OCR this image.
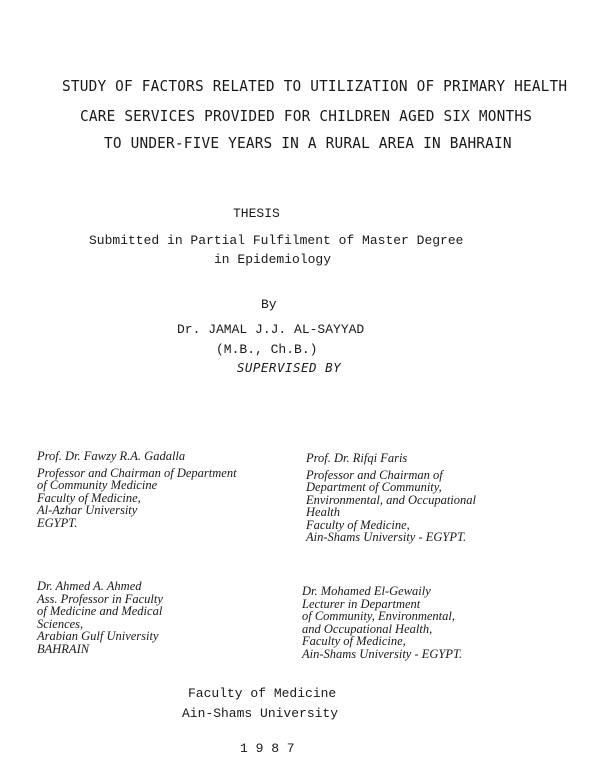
STUDY OF FACTORS RELATED TO UTILIZATION OF PRIMARY HEALTH
CARE SERVICES PROVIDED FOR CHILDREN AGED SIX MONTHS
TO UNDER-FIVE YEARS IN A RURAL AREA IN BAHRAIN
THESIS
Submitted in Partial Fulfilment of Master Degree
in Epidemiology
By
Dr. JAMAL J.J. AL-SAYYAD
(M.B., Ch.B.)
SUPERVISED BY
Prof. Dr. Fawzy R.A. Gadalla
Professor and Chairman of Department
of Community Medicine
Faculty of Medicine,
Al-Azhar University
EGYPT.
Prof. Dr. Rifqi Faris
Professor and Chairman of
Department of Community,
Environmental, and Occupational
Health
Faculty of Medicine,
Ain-Shams University - EGYPT.
Dr. Ahmed A. Ahmed
Ass. Professor in Faculty
of Medicine and Medical
Sciences,
Arabian Gulf University
BAHRAIN
Dr. Mohamed El-Gewaily
Lecturer in Department
of Community, Environmental,
and Occupational Health,
Faculty of Medicine,
Ain-Shams University - EGYPT.
Faculty of Medicine
Ain-Shams University
1 9 8 7
